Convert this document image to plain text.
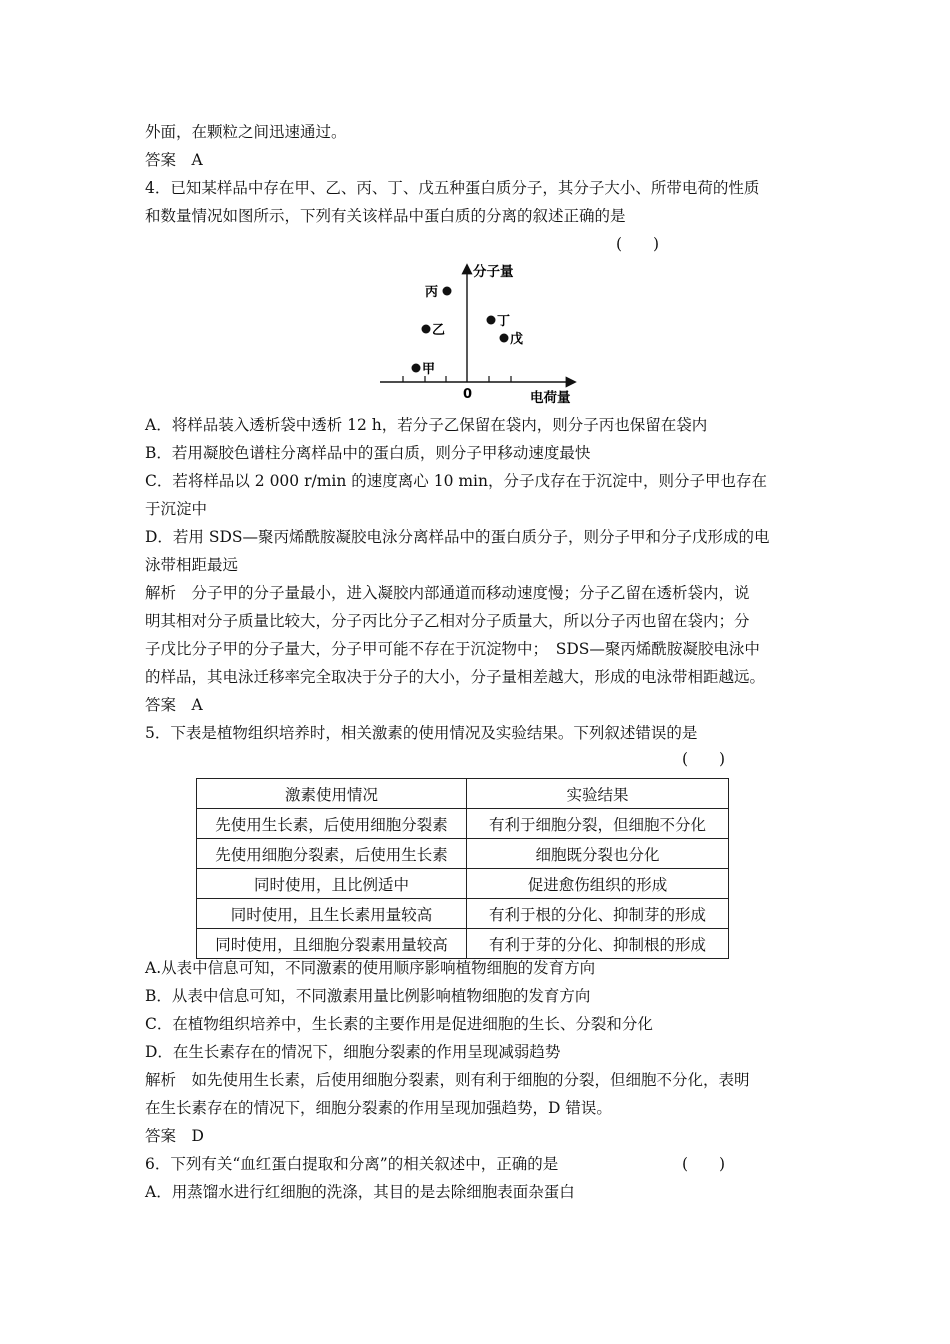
外面，在颗粒之间迅速通过。
答案　A
4．已知某样品中存在甲、乙、丙、丁、戊五种蛋白质分子，其分子大小、所带电荷的性质
和数量情况如图所示，下列有关该样品中蛋白质的分离的叙述正确的是
(　　)
分子量
电荷量
0
丙
乙
甲
丁
戊
A．将样品装入透析袋中透析 12 h，若分子乙保留在袋内，则分子丙也保留在袋内
B．若用凝胶色谱柱分离样品中的蛋白质，则分子甲移动速度最快
C．若将样品以 2 000 r/min 的速度离心 10 min，分子戊存在于沉淀中，则分子甲也存在
于沉淀中
D．若用 SDS—聚丙烯酰胺凝胶电泳分离样品中的蛋白质分子，则分子甲和分子戊形成的电
泳带相距最远
解析　分子甲的分子量最小，进入凝胶内部通道而移动速度慢；分子乙留在透析袋内，说
明其相对分子质量比较大，分子丙比分子乙相对分子质量大，所以分子丙也留在袋内；分
子戊比分子甲的分子量大，分子甲可能不存在于沉淀物中；　SDS—聚丙烯酰胺凝胶电泳中
的样品，其电泳迁移率完全取决于分子的大小，分子量相差越大，形成的电泳带相距越远。
答案　A
5．下表是植物组织培养时，相关激素的使用情况及实验结果。下列叙述错误的是
(　　)
激素使用情况	实验结果
先使用生长素，后使用细胞分裂素	有利于细胞分裂，但细胞不分化
先使用细胞分裂素，后使用生长素	细胞既分裂也分化
同时使用，且比例适中	促进愈伤组织的形成
同时使用，且生长素用量较高	有利于根的分化、抑制芽的形成
同时使用，且细胞分裂素用量较高	有利于芽的分化、抑制根的形成
A.从表中信息可知，不同激素的使用顺序影响植物细胞的发育方向
B．从表中信息可知，不同激素用量比例影响植物细胞的发育方向
C．在植物组织培养中，生长素的主要作用是促进细胞的生长、分裂和分化
D．在生长素存在的情况下，细胞分裂素的作用呈现减弱趋势
解析　如先使用生长素，后使用细胞分裂素，则有利于细胞的分裂，但细胞不分化，表明
在生长素存在的情况下，细胞分裂素的作用呈现加强趋势，D 错误。
答案　D
6．下列有关“血红蛋白提取和分离”的相关叙述中，正确的是	(　　)
A．用蒸馏水进行红细胞的洗涤，其目的是去除细胞表面杂蛋白
